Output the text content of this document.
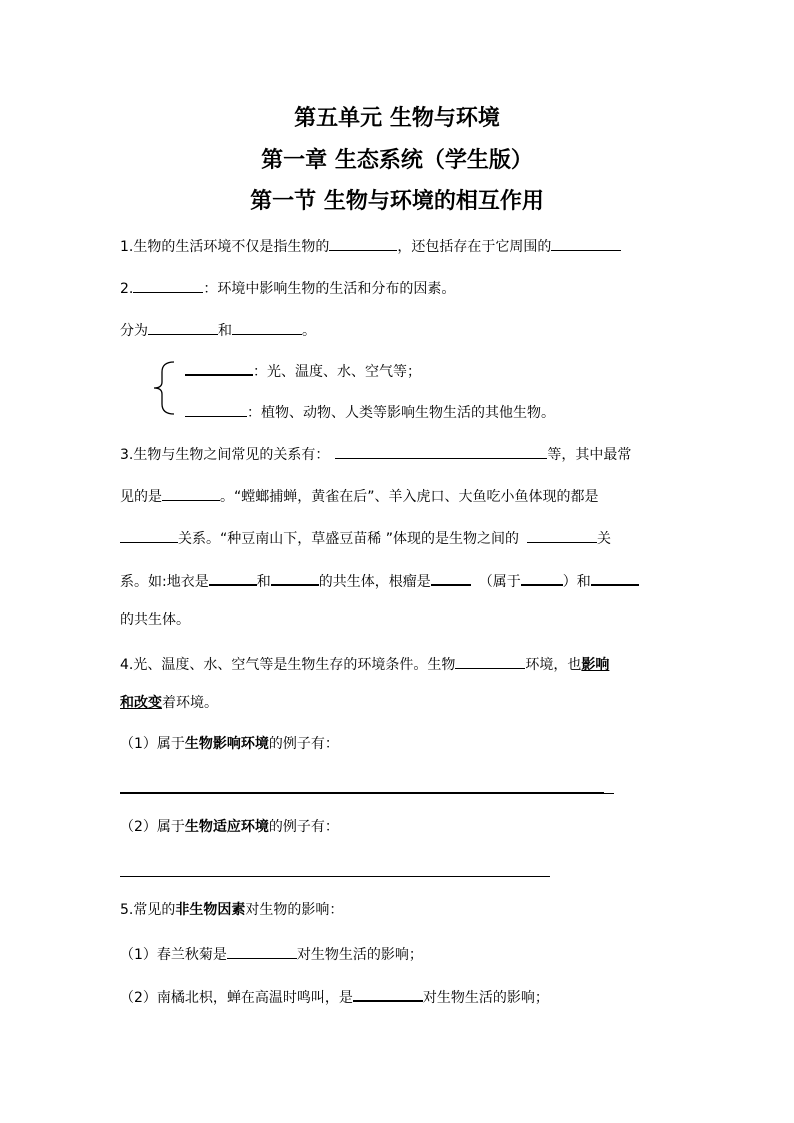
第五单元 生物与环境
第一章 生态系统（学生版）
第一节 生物与环境的相互作用
1.生物的生活环境不仅是指生物的	，还包括存在于它周围的
2.	：环境中影响生物的生活和分布的因素。
分为	和	。
：光、温度、水、空气等；
：植物、动物、人类等影响生物生活的其他生物。
3.生物与生物之间常见的关系有：	等，其中最常
见的是	。“螳螂捕蝉，黄雀在后”、羊入虎口、大鱼吃小鱼体现的都是
关系。“种豆南山下，草盛豆苗稀 ”体现的是生物之间的	关
系。如:地衣是	和	的共生体，根瘤是	（属于	）和
的共生体。
4.光、温度、水、空气等是生物生存的环境条件。生物	环境，也影响
和改变着环境。
（1）属于生物影响环境的例子有：
（2）属于生物适应环境的例子有：
5.常见的非生物因素对生物的影响：
（1）春兰秋菊是	对生物生活的影响；
（2）南橘北枳，蝉在高温时鸣叫，是	对生物生活的影响；
